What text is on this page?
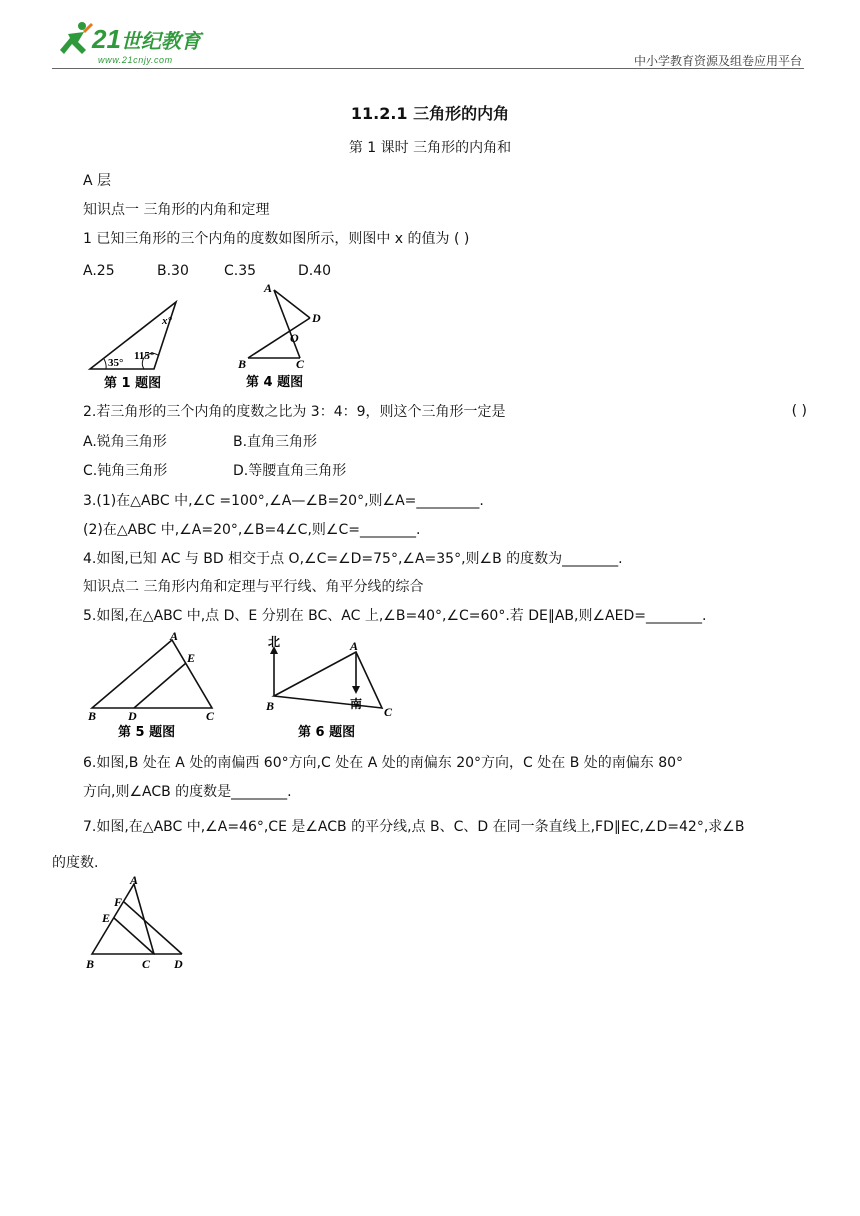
21世纪教育
www.21cnjy.com	中小学教育资源及组卷应用平台
11.2.1 三角形的内角
第 1 课时 三角形的内角和
A 层
知识点一 三角形的内角和定理
1 已知三角形的三个内角的度数如图所示，则图中 x 的值为 ( )
A.25	B.30	C.35	D.40
x°
35°
115°
第 1 题图
A
D
O
B	C
第 4 题图
2.若三角形的三个内角的度数之比为 3：4：9，则这个三角形一定是	( )
A.锐角三角形	B.直角三角形
C.钝角三角形	D.等腰直角三角形
3.(1)在△ABC 中,∠C =100°,∠A—∠B=20°,则∠A=_________.
(2)在△ABC 中,∠A=20°,∠B=4∠C,则∠C=________.
4.如图,已知 AC 与 BD 相交于点 O,∠C=∠D=75°,∠A=35°,则∠B 的度数为________.
知识点二 三角形内角和定理与平行线、角平分线的综合
5.如图,在△ABC 中,点 D、E 分别在 BC、AC 上,∠B=40°,∠C=60°.若 DE∥AB,则∠AED=________.
A
E
B	D	C
第 5 题图
北	A
南
B	C
第 6 题图
6.如图,B 处在 A 处的南偏西 60°方向,C 处在 A 处的南偏东 20°方向，C 处在 B 处的南偏东 80°
方向,则∠ACB 的度数是________.
7.如图,在△ABC 中,∠A=46°,CE 是∠ACB 的平分线,点 B、C、D 在同一条直线上,FD∥EC,∠D=42°,求∠B
的度数.
A
F
E
B	C D
